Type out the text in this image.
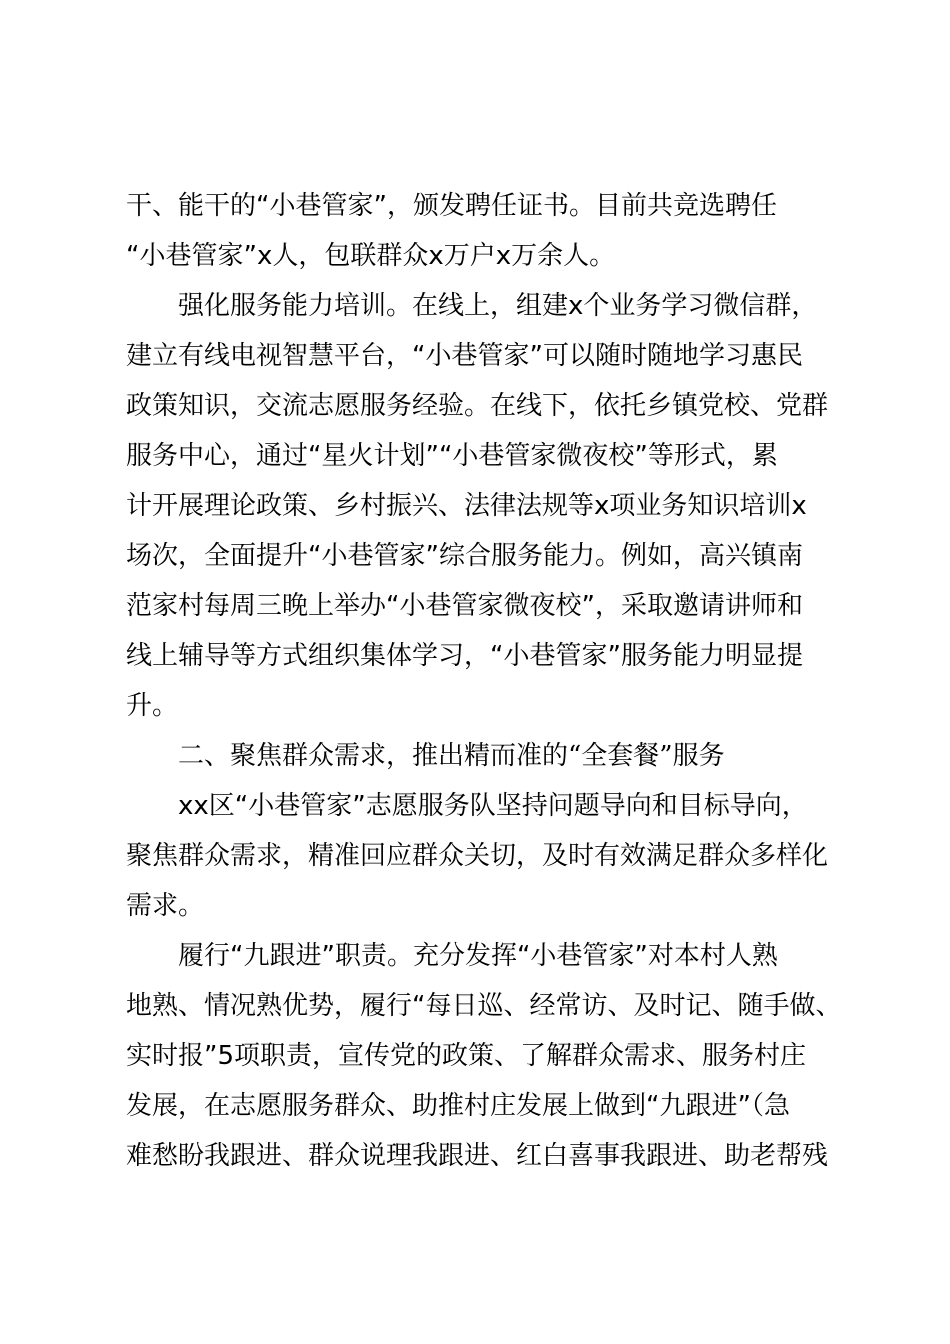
干、能干的“小巷管家”，颁发聘任证书。目前共竞选聘任
“小巷管家”x人，包联群众x万户x万余人。
强化服务能力培训。在线上，组建x个业务学习微信群，
建立有线电视智慧平台，“小巷管家”可以随时随地学习惠民
政策知识，交流志愿服务经验。在线下，依托乡镇党校、党群
服务中心，通过“星火计划”“小巷管家微夜校”等形式，累
计开展理论政策、乡村振兴、法律法规等x项业务知识培训x
场次，全面提升“小巷管家”综合服务能力。例如，高兴镇南
范家村每周三晚上举办“小巷管家微夜校”，采取邀请讲师和
线上辅导等方式组织集体学习，“小巷管家”服务能力明显提
升。
二、聚焦群众需求，推出精而准的“全套餐”服务
xx区“小巷管家”志愿服务队坚持问题导向和目标导向，
聚焦群众需求，精准回应群众关切，及时有效满足群众多样化
需求。
履行“九跟进”职责。充分发挥“小巷管家”对本村人熟
地熟、情况熟优势，履行“每日巡、经常访、及时记、随手做、
实时报”5项职责，宣传党的政策、了解群众需求、服务村庄
发展，在志愿服务群众、助推村庄发展上做到“九跟进”（急
难愁盼我跟进、群众说理我跟进、红白喜事我跟进、助老帮残
